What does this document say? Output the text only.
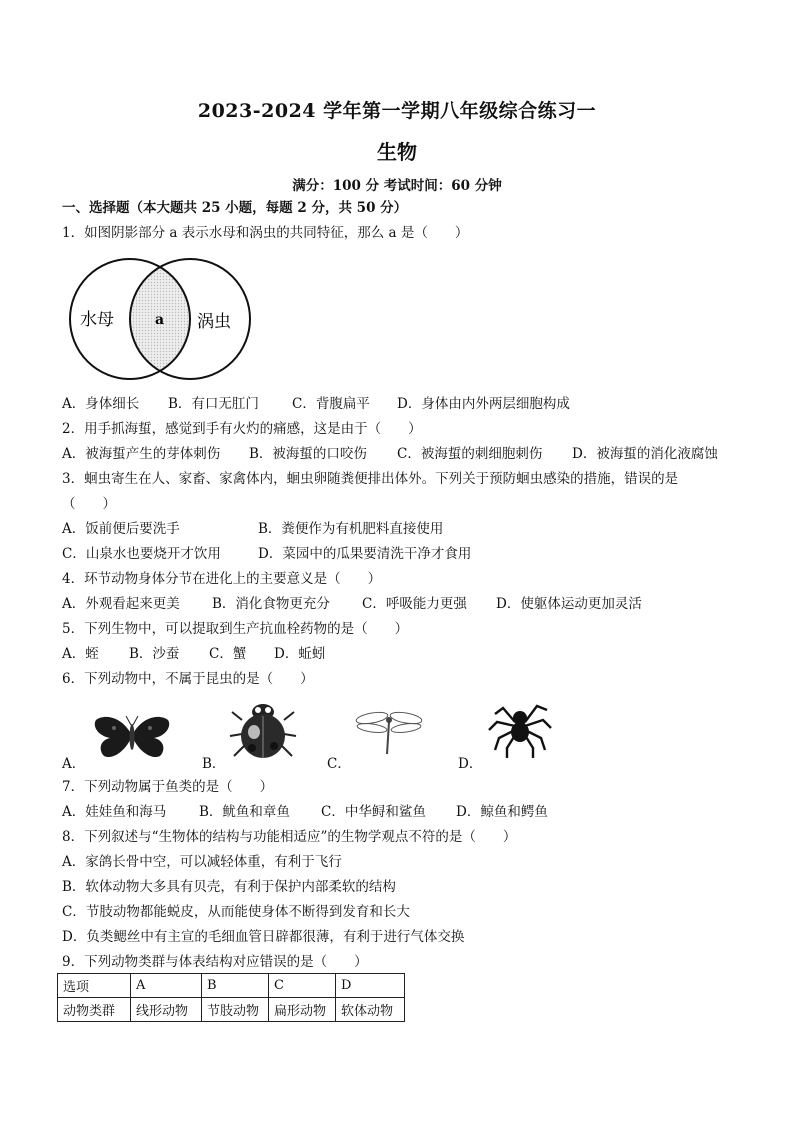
2023-2024 学年第一学期八年级综合练习一
生物
满分：100 分 考试时间：60 分钟
一、选择题（本大题共 25 小题，每题 2 分，共 50 分）
1．如图阴影部分 a 表示水母和涡虫的共同特征，那么 a 是（　　）
水母	a 涡虫
A．身体细长 B．有口无肛门 C．背腹扁平 D．身体由内外两层细胞构成
2．用手抓海蜇，感觉到手有火灼的痛感，这是由于（　　）
A．被海蜇产生的芽体刺伤 B．被海蜇的口咬伤 C．被海蜇的刺细胞刺伤 D．被海蜇的消化液腐蚀
3．蛔虫寄生在人、家畜、家禽体内，蛔虫卵随粪便排出体外。下列关于预防蛔虫感染的措施，错误的是
（　　）
A．饭前便后要洗手	B．粪便作为有机肥料直接使用
C．山泉水也要烧开才饮用	D．菜园中的瓜果要清洗干净才食用
4．环节动物身体分节在进化上的主要意义是（　　）
A．外观看起来更美 B．消化食物更充分 C．呼吸能力更强 D．使躯体运动更加灵活
5．下列生物中，可以提取到生产抗血栓药物的是（　　）
A．蛭 B．沙蚕 C．蟹 D．蚯蚓
6．下列动物中，不属于昆虫的是（　　）
A．	B．	C．	D．
7．下列动物属于鱼类的是（　　）
A．娃娃鱼和海马 B．鱿鱼和章鱼 C．中华鲟和鲨鱼 D．鲸鱼和鳄鱼
8．下列叙述与“生物体的结构与功能相适应”的生物学观点不符的是（　　）
A．家鸽长骨中空，可以减轻体重，有利于飞行
B．软体动物大多具有贝壳，有利于保护内部柔软的结构
C．节肢动物都能蜕皮，从而能使身体不断得到发育和长大
D．负类鳃丝中有主宣的毛细血管日辟都很薄，有利于进行气体交换
9．下列动物类群与体表结构对应错误的是（　　）
选项	A	B	C	D
动物类群	线形动物	节肢动物	扁形动物	软体动物
